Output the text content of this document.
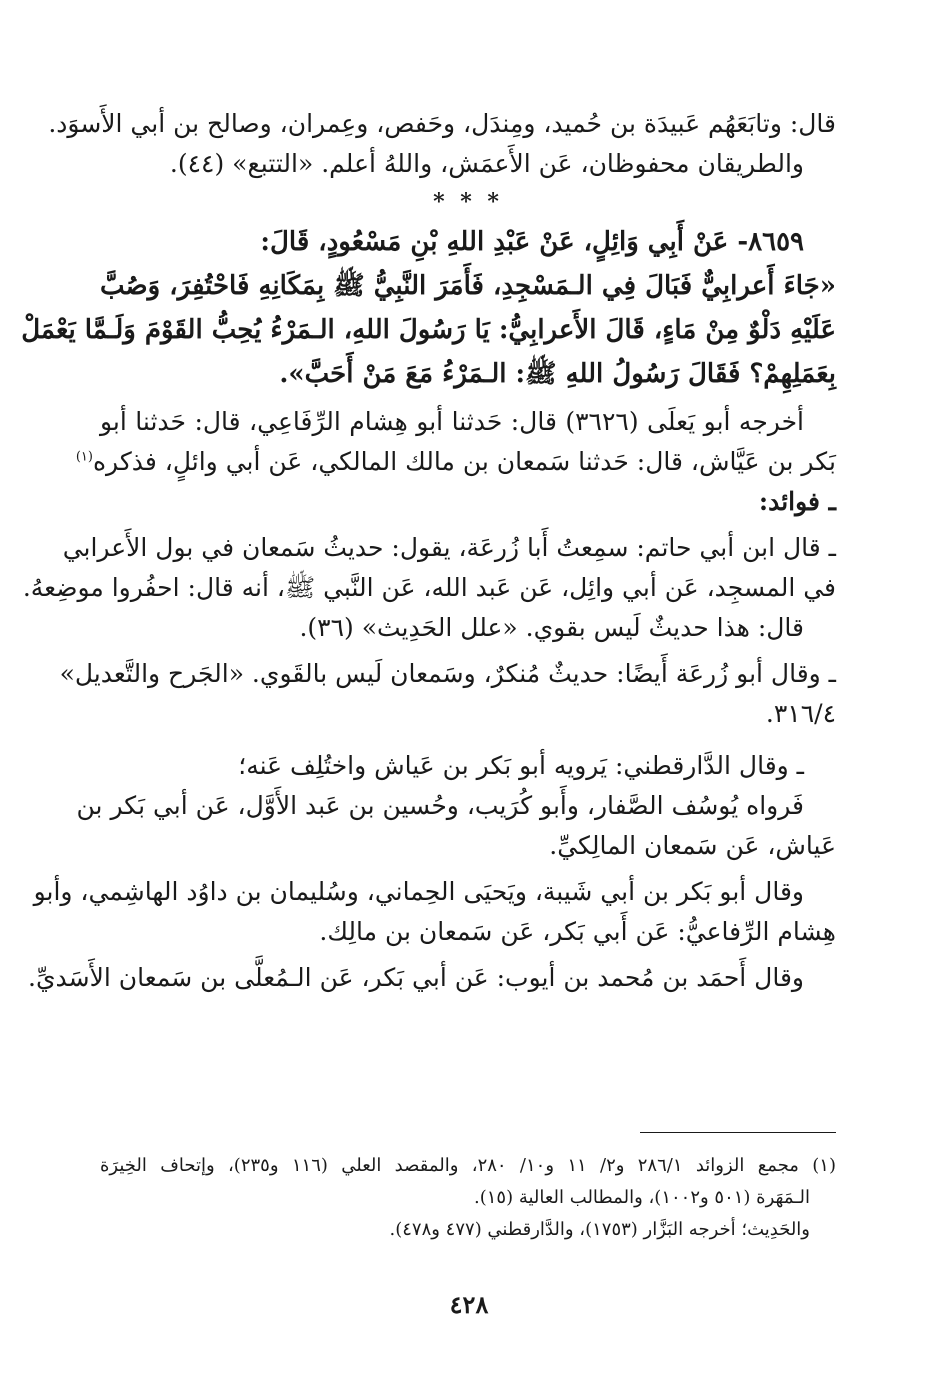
قال: وتابَعَهُم عَبيدَة بن حُميد، ومِندَل، وحَفص، وعِمران، وصالح بن أبي الأَسوَد.
والطريقان محفوظان، عَن الأَعمَش، واللهُ أعلم. «التتبع» (٤٤).
* * *
٨٦٥٩- عَنْ أَبِي وَائِلٍ، عَنْ عَبْدِ اللهِ بْنِ مَسْعُودٍ، قَالَ:
«جَاءَ أَعرابِيٌّ فَبَالَ فِي الـمَسْجِدِ، فَأَمَرَ النَّبِيُّ ﷺ بِمَكَانِهِ فَاحْتُفِرَ، وَصُبَّ
عَلَيْهِ دَلْوٌ مِنْ مَاءٍ، قَالَ الأَعرابِيُّ: يَا رَسُولَ اللهِ، الـمَرْءُ يُحِبُّ القَوْمَ وَلَـمَّا يَعْمَلْ
بِعَمَلِهِمْ؟ فَقَالَ رَسُولُ اللهِ ﷺ: الـمَرْءُ مَعَ مَنْ أَحَبَّ».
أخرجه أبو يَعلَى (٣٦٢٦) قال: حَدثنا أبو هِشام الرِّفَاعِي، قال: حَدثنا أبو
بَكر بن عَيَّاش، قال: حَدثنا سَمعان بن مالك المالكي، عَن أبي وائلٍ، فذكره$^{(١)}$
ـ فوائد:
ـ قال ابن أبي حاتم: سمِعتُ أَبا زُرعَة، يقول: حديثُ سَمعان في بول الأَعرابي
في المسجِد، عَن أبي وائِل، عَن عَبد الله، عَن النَّبي ﷺ، أنه قال: احفُروا موضِعهُ.
قال: هذا حديثٌ لَيس بقوي. «علل الحَدِيث» (٣٦).
ـ وقال أبو زُرعَة أَيضًا: حديثٌ مُنكرٌ، وسَمعان لَيس بالقَوي. «الجَرح والتَّعديل»
٣١٦/٤.
ـ وقال الدَّارقطني: يَرويه أبو بَكر بن عَياش واختُلِف عَنه؛
فَرواه يُوسُف الصَّفار، وأَبو كُرَيب، وحُسين بن عَبد الأَوَّل، عَن أبي بَكر بن
عَياش، عَن سَمعان المالِكيِّ.
وقال أبو بَكر بن أبي شَيبة، ويَحيَى الحِماني، وسُليمان بن داوُد الهاشِمي، وأبو
هِشام الرِّفاعيُّ: عَن أَبي بَكر، عَن سَمعان بن مالِك.
وقال أَحمَد بن مُحمد بن أيوب: عَن أبي بَكر، عَن الـمُعلَّى بن سَمعان الأَسَديِّ.
(١) مجمع الزوائد ٢٨٦/١ و٢/ ١١ و١٠/ ٢٨٠، والمقصد العلي (١١٦ و٢٣٥)، وإتحاف الخِيرَة
الـمَهَرة (٥٠١ و١٠٠٢)، والمطالب العالية (١٥).
والحَدِيث؛ أخرجه البَزَّار (١٧٥٣)، والدَّارقطني (٤٧٧ و٤٧٨).
٤٢٨
